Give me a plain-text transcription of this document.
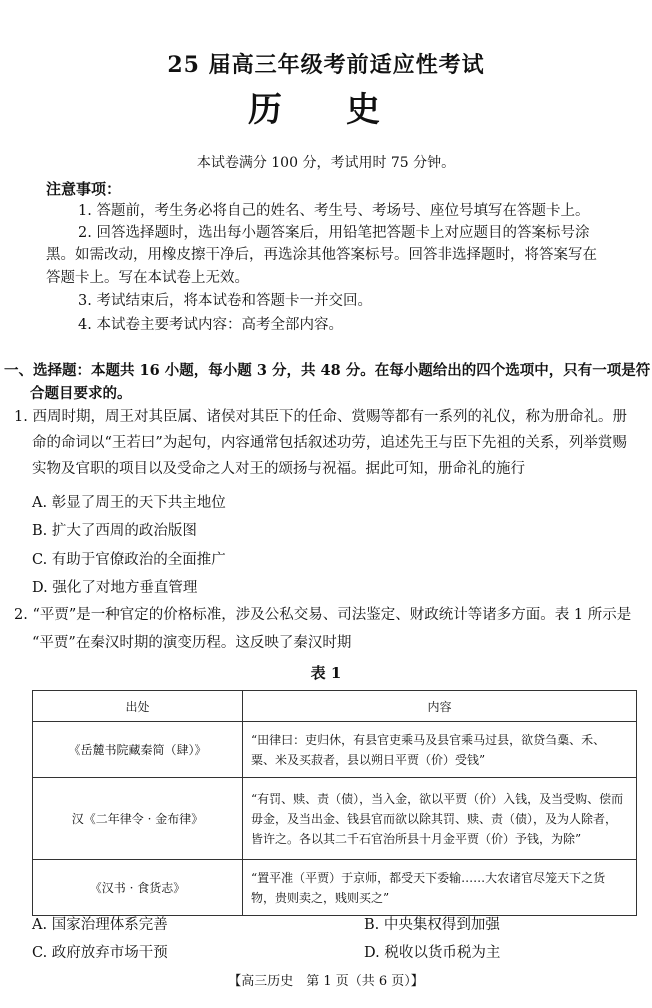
25 届高三年级考前适应性考试
历史
本试卷满分 100 分，考试用时 75 分钟。
注意事项：
1. 答题前，考生务必将自己的姓名、考生号、考场号、座位号填写在答题卡上。
2. 回答选择题时，选出每小题答案后，用铅笔把答题卡上对应题目的答案标号涂
黑。如需改动，用橡皮擦干净后，再选涂其他答案标号。回答非选择题时，将答案写在
答题卡上。写在本试卷上无效。
3. 考试结束后，将本试卷和答题卡一并交回。
4. 本试卷主要考试内容：高考全部内容。
一、选择题：本题共 16 小题，每小题 3 分，共 48 分。在每小题给出的四个选项中，只有一项是符
合题目要求的。
1. 西周时期，周王对其臣属、诸侯对其臣下的任命、赏赐等都有一系列的礼仪，称为册命礼。册
命的命词以“王若曰”为起句，内容通常包括叙述功劳，追述先王与臣下先祖的关系，列举赏赐
实物及官职的项目以及受命之人对王的颂扬与祝福。据此可知，册命礼的施行
A. 彰显了周王的天下共主地位
B. 扩大了西周的政治版图
C. 有助于官僚政治的全面推广
D. 强化了对地方垂直管理
2. “平贾”是一种官定的价格标准，涉及公私交易、司法鉴定、财政统计等诸多方面。表 1 所示是
“平贾”在秦汉时期的演变历程。这反映了秦汉时期
表 1
出处	内容
《岳麓书院藏秦简（肆）》	“田律曰：吏归休，有县官吏乘马及县官乘马过县，欲贷刍稾、禾、粟、米及买菽者，县以朔日平贾（价）受钱”
汉《二年律令 · 金布律》	“有罚、赎、责（债），当入金，欲以平贾（价）入钱，及当受购、偿而毋金，及当出金、钱县官而欲以除其罚、赎、责（债），及为人除者，皆许之。各以其二千石官治所县十月金平贾（价）予钱，为除”
《汉书 · 食货志》	“置平准（平贾）于京师，都受天下委输……大农诸官尽笼天下之货物，贵则卖之，贱则买之”
A. 国家治理体系完善	B. 中央集权得到加强
C. 政府放弃市场干预	D. 税收以货币税为主
【高三历史　第 1 页（共 6 页）】
